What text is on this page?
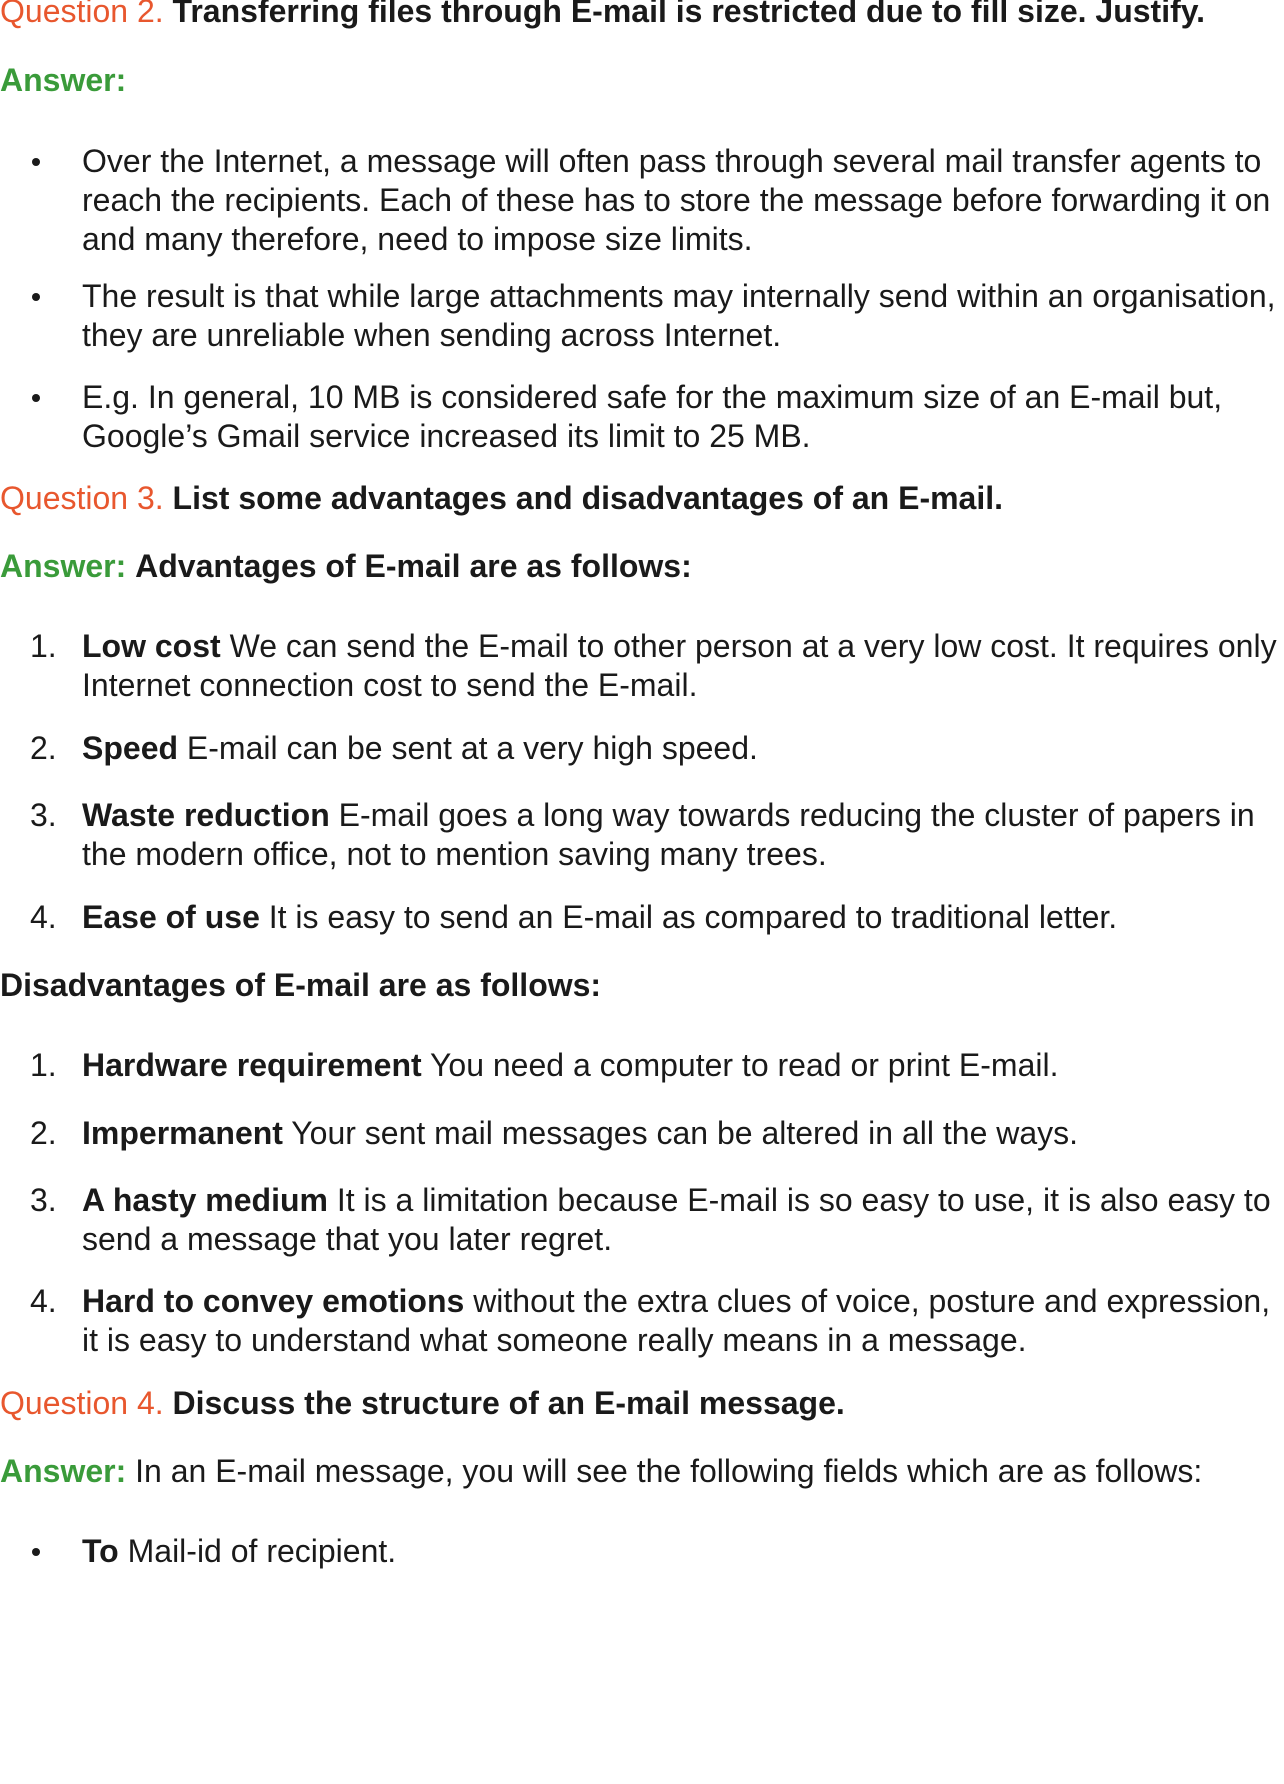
Question 2. Transferring files through E-mail is restricted due to fill size. Justify.

Answer:

Over the Internet, a message will often pass through several mail transfer agents to reach the recipients. Each of these has to store the message before forwarding it on and many therefore, need to impose size limits.
The result is that while large attachments may internally send within an organisation, they are unreliable when sending across Internet.
E.g. In general, 10 MB is considered safe for the maximum size of an E-mail but, Google’s Gmail service increased its limit to 25 MB.

Question 3. List some advantages and disadvantages of an E-mail.

Answer: Advantages of E-mail are as follows:

1. Low cost We can send the E-mail to other person at a very low cost. It requires only Internet connection cost to send the E-mail.
2. Speed E-mail can be sent at a very high speed.
3. Waste reduction E-mail goes a long way towards reducing the cluster of papers in the modern office, not to mention saving many trees.
4. Ease of use It is easy to send an E-mail as compared to traditional letter.

Disadvantages of E-mail are as follows:

1. Hardware requirement You need a computer to read or print E-mail.
2. Impermanent Your sent mail messages can be altered in all the ways.
3. A hasty medium It is a limitation because E-mail is so easy to use, it is also easy to send a message that you later regret.
4. Hard to convey emotions without the extra clues of voice, posture and expression, it is easy to understand what someone really means in a message.

Question 4. Discuss the structure of an E-mail message.

Answer: In an E-mail message, you will see the following fields which are as follows:

To Mail-id of recipient.
